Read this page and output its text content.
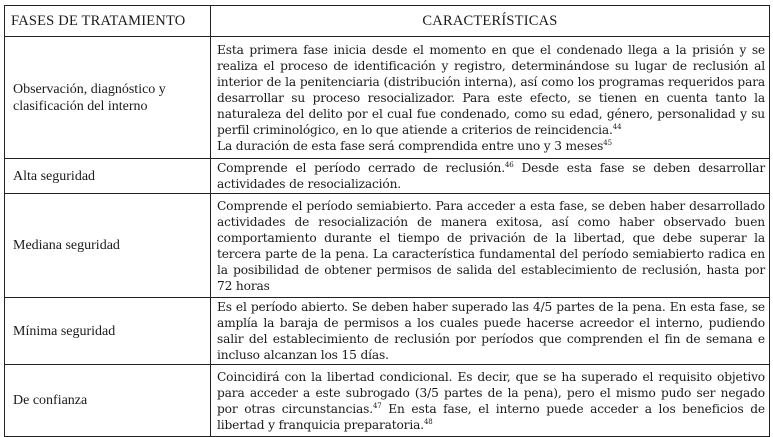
FASES DE TRATAMIENTO	CARACTERÍSTICAS
Observación, diagnóstico y clasificación del interno	Esta primera fase inicia desde el momento en que el condenado llega a la prisión y se realiza el proceso de identificación y registro, determinándose su lugar de reclusión al interior de la penitenciaria (distribución interna), así como los programas requeridos para desarrollar su proceso resocializador. Para este efecto, se tienen en cuenta tanto la naturaleza del delito por el cual fue condenado, como su edad, género, personalidad y su perfil criminológico, en lo que atiende a criterios de reincidencia.$^{44}$
La duración de esta fase será comprendida entre uno y 3 meses$^{45}$
Alta seguridad	Comprende el período cerrado de reclusión.$^{46}$ Desde esta fase se deben desarrollar actividades de resocialización.
Mediana seguridad	Comprende el período semiabierto. Para acceder a esta fase, se deben haber desarrollado actividades de resocialización de manera exitosa, así como haber observado buen comportamiento durante el tiempo de privación de la libertad, que debe superar la tercera parte de la pena. La característica fundamental del período semiabierto radica en la posibilidad de obtener permisos de salida del establecimiento de reclusión, hasta por 72 horas
Mínima seguridad	Es el período abierto. Se deben haber superado las 4/5 partes de la pena. En esta fase, se amplía la baraja de permisos a los cuales puede hacerse acreedor el interno, pudiendo salir del establecimiento de reclusión por períodos que comprenden el fin de semana e incluso alcanzan los 15 días.
De confianza	Coincidirá con la libertad condicional. Es decir, que se ha superado el requisito objetivo para acceder a este subrogado (3/5 partes de la pena), pero el mismo pudo ser negado por otras circunstancias.$^{47}$ En esta fase, el interno puede acceder a los beneficios de libertad y franquicia preparatoria.$^{48}$
